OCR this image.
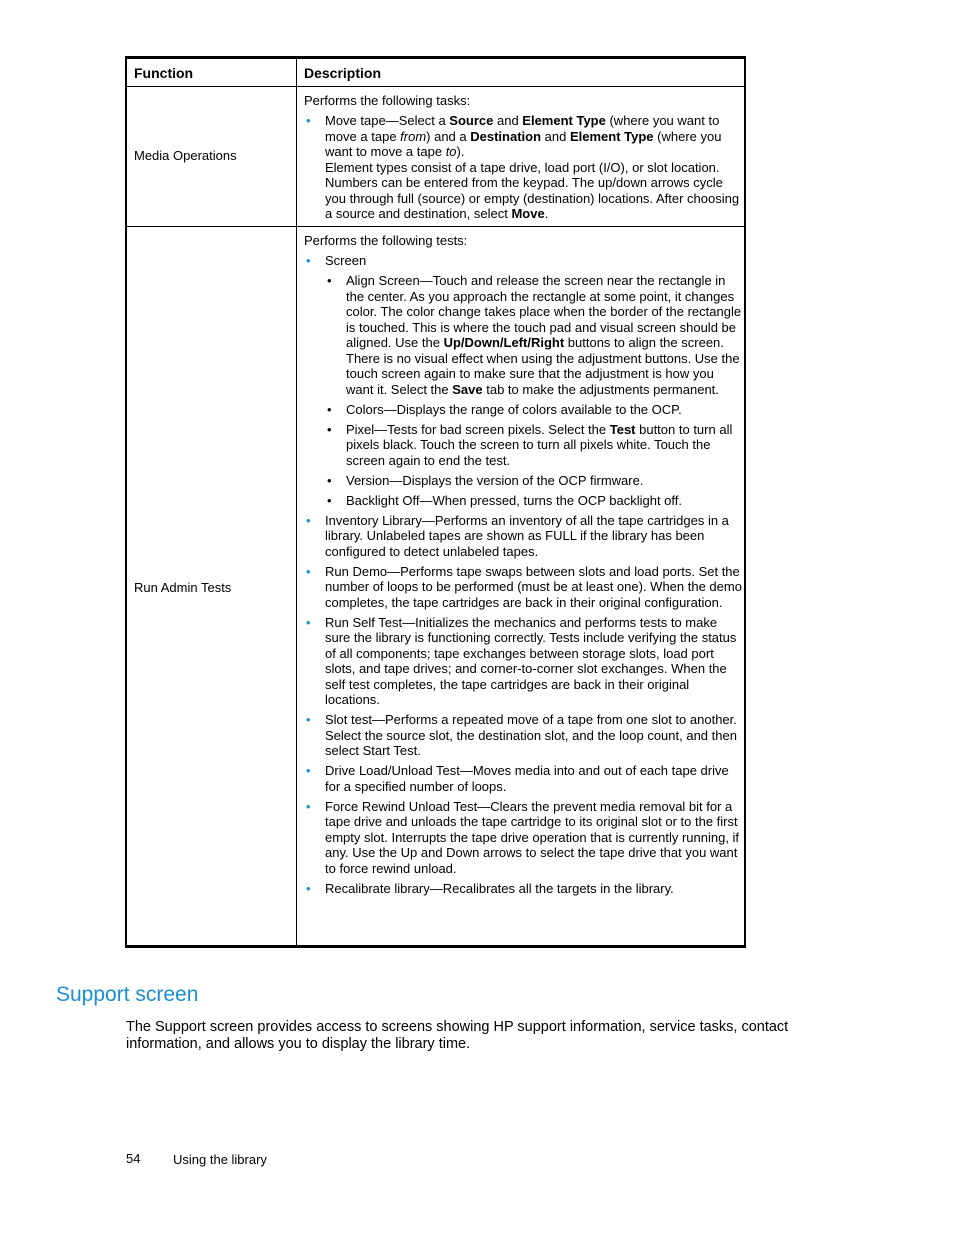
Function	Description
Media Operations

Performs the following tasks:

• Move tape—Select a Source and Element Type (where you want to move a tape from) and a Destination and Element Type (where you want to move a tape to).
Element types consist of a tape drive, load port (I/O), or slot location. Numbers can be entered from the keypad. The up/down arrows cycle you through full (source) or empty (destination) locations. After choosing a source and destination, select Move.
Run Admin Tests

Performs the following tests:

• Screen
• Align Screen—Touch and release the screen near the rectangle in the center. As you approach the rectangle at some point, it changes color. The color change takes place when the border of the rectangle is touched. This is where the touch pad and visual screen should be aligned. Use the Up/Down/Left/Right buttons to align the screen.
There is no visual effect when using the adjustment buttons. Use the touch screen again to make sure that the adjustment is how you want it. Select the Save tab to make the adjustments permanent.
• Colors—Displays the range of colors available to the OCP.
• Pixel—Tests for bad screen pixels. Select the Test button to turn all pixels black. Touch the screen to turn all pixels white. Touch the screen again to end the test.
• Version—Displays the version of the OCP firmware.
• Backlight Off—When pressed, turns the OCP backlight off.
• Inventory Library—Performs an inventory of all the tape cartridges in a library. Unlabeled tapes are shown as FULL if the library has been configured to detect unlabeled tapes.
• Run Demo—Performs tape swaps between slots and load ports. Set the number of loops to be performed (must be at least one). When the demo completes, the tape cartridges are back in their original configuration.
• Run Self Test—Initializes the mechanics and performs tests to make sure the library is functioning correctly. Tests include verifying the status of all components; tape exchanges between storage slots, load port slots, and tape drives; and corner-to-corner slot exchanges. When the self test completes, the tape cartridges are back in their original locations.
• Slot test—Performs a repeated move of a tape from one slot to another. Select the source slot, the destination slot, and the loop count, and then select Start Test.
• Drive Load/Unload Test—Moves media into and out of each tape drive for a specified number of loops.
• Force Rewind Unload Test—Clears the prevent media removal bit for a tape drive and unloads the tape cartridge to its original slot or to the first empty slot. Interrupts the tape drive operation that is currently running, if any. Use the Up and Down arrows to select the tape drive that you want to force rewind unload.
• Recalibrate library—Recalibrates all the targets in the library.
Support screen

The Support screen provides access to screens showing HP support information, service tasks, contact information, and allows you to display the library time.

54	Using the library
